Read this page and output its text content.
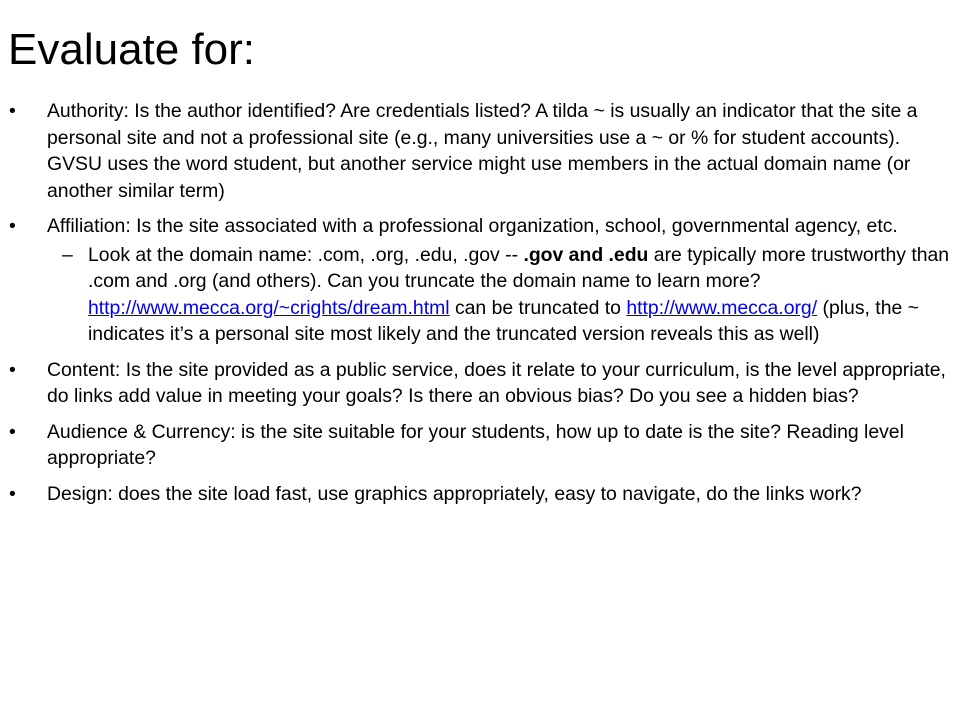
Evaluate for:
• Authority: Is the author identified? Are credentials listed? A tilda ~ is usually an indicator that the site a personal site and not a professional site (e.g., many universities use a ~ or % for student accounts). GVSU uses the word student, but another service might use members in the actual domain name (or another similar term)
• Affiliation: Is the site associated with a professional organization, school, governmental agency, etc.
– Look at the domain name: .com, .org, .edu, .gov -- .gov and .edu are typically more trustworthy than .com and .org (and others). Can you truncate the domain name to learn more? http://www.mecca.org/~crights/dream.html can be truncated to http://www.mecca.org/ (plus, the ~ indicates it’s a personal site most likely and the truncated version reveals this as well)
• Content: Is the site provided as a public service, does it relate to your curriculum, is the level appropriate, do links add value in meeting your goals? Is there an obvious bias? Do you see a hidden bias?
• Audience & Currency: is the site suitable for your students, how up to date is the site? Reading level appropriate?
• Design: does the site load fast, use graphics appropriately, easy to navigate, do the links work?
